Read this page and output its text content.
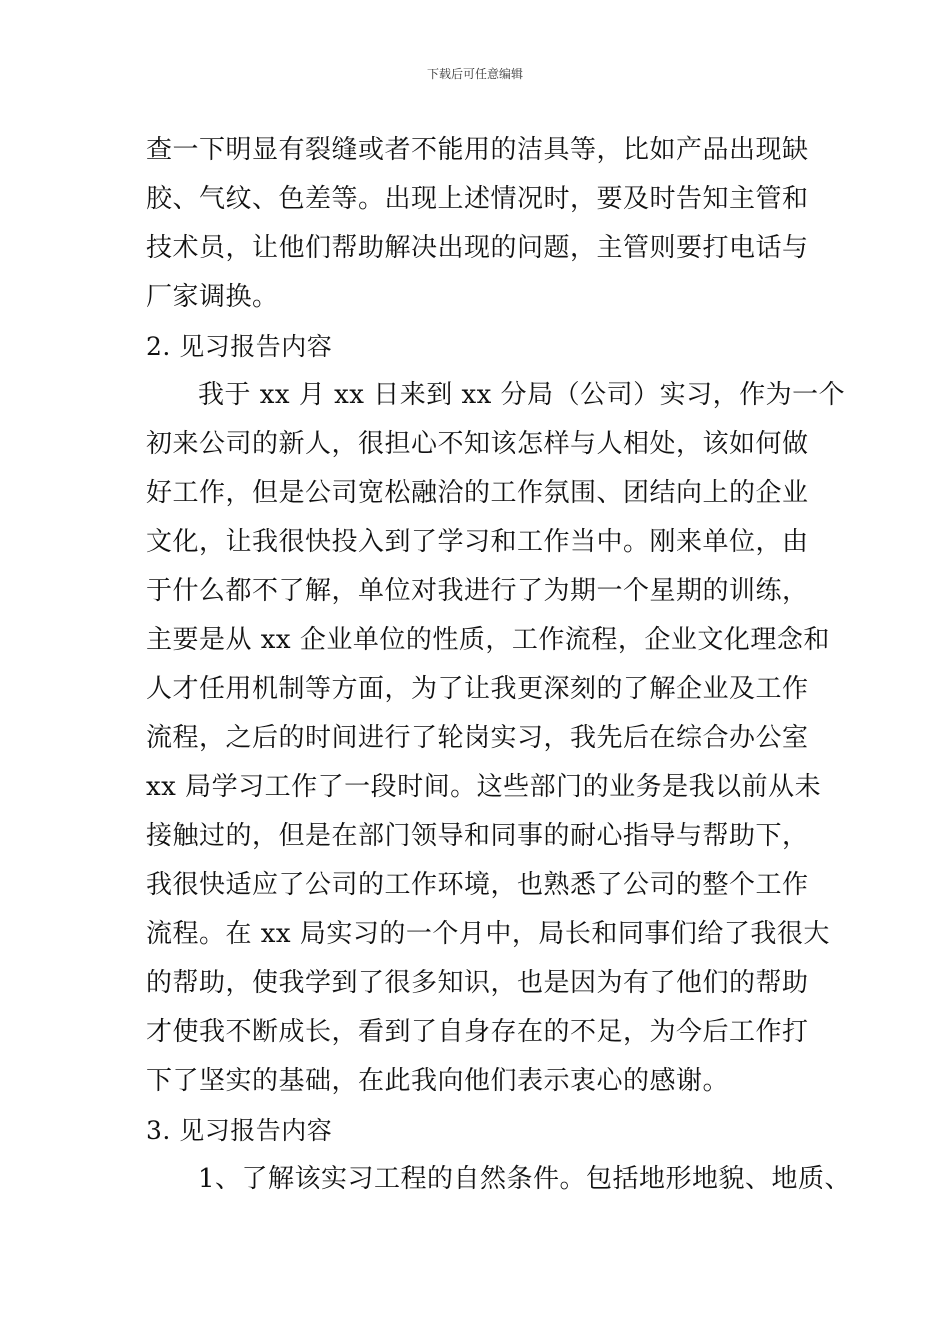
下载后可任意编辑
查一下明显有裂缝或者不能用的洁具等，比如产品出现缺
胶、气纹、色差等。出现上述情况时，要及时告知主管和
技术员，让他们帮助解决出现的问题，主管则要打电话与
厂家调换。
2. 见习报告内容
我于 xx 月 xx 日来到 xx 分局（公司）实习，作为一个
初来公司的新人，很担心不知该怎样与人相处，该如何做
好工作，但是公司宽松融洽的工作氛围、团结向上的企业
文化，让我很快投入到了学习和工作当中。刚来单位，由
于什么都不了解，单位对我进行了为期一个星期的训练，
主要是从 xx 企业单位的性质，工作流程，企业文化理念和
人才任用机制等方面，为了让我更深刻的了解企业及工作
流程，之后的时间进行了轮岗实习，我先后在综合办公室
xx 局学习工作了一段时间。这些部门的业务是我以前从未
接触过的，但是在部门领导和同事的耐心指导与帮助下，
我很快适应了公司的工作环境，也熟悉了公司的整个工作
流程。在 xx 局实习的一个月中，局长和同事们给了我很大
的帮助，使我学到了很多知识，也是因为有了他们的帮助
才使我不断成长，看到了自身存在的不足，为今后工作打
下了坚实的基础，在此我向他们表示衷心的感谢。
3. 见习报告内容
1、了解该实习工程的自然条件。包括地形地貌、地质、
